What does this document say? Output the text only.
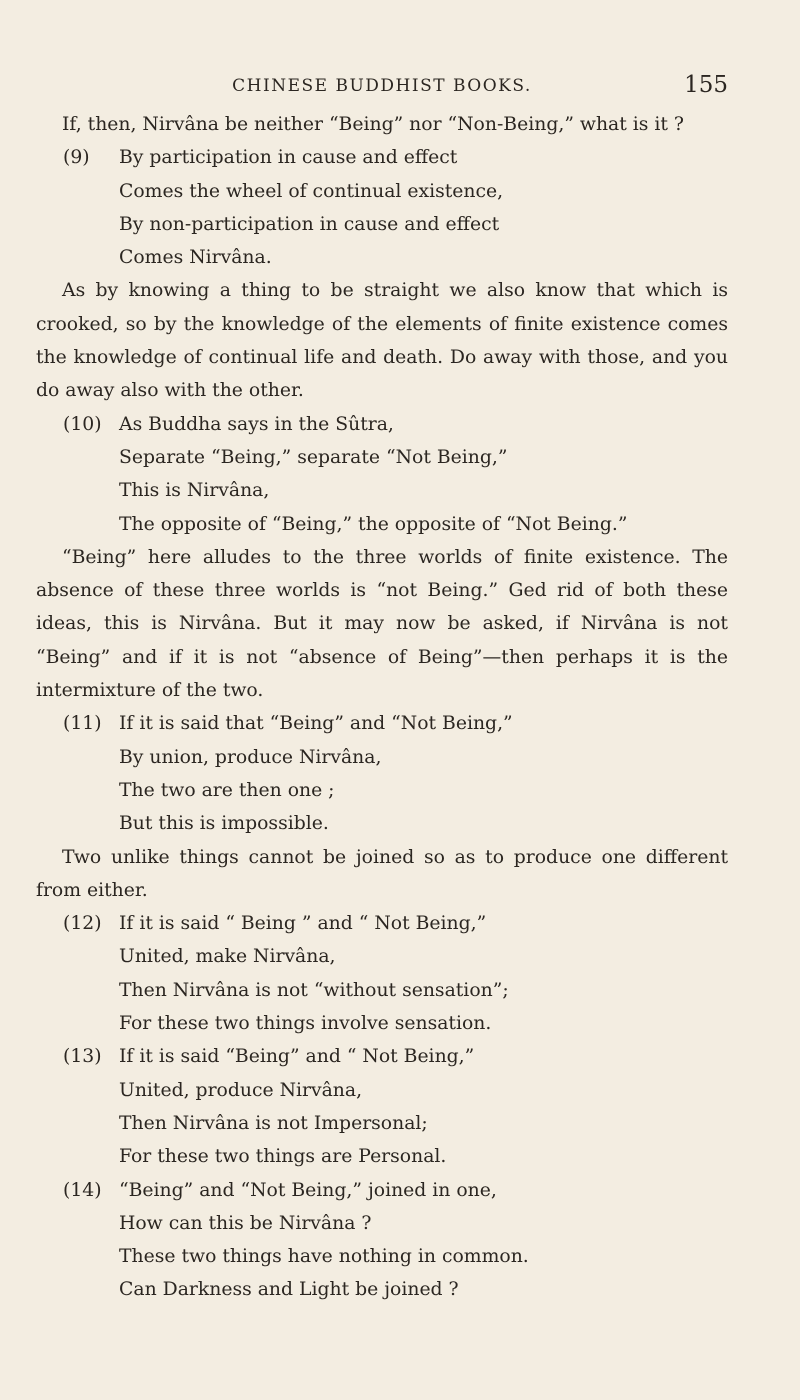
CHINESE BUDDHIST BOOKS.	155

If, then, Nirvâna be neither “Being” nor “Non-Being,” what is it ?

(9) By participation in cause and effect
Comes the wheel of continual existence,
By non-participation in cause and effect
Comes Nirvâna.

As by knowing a thing to be straight we also know that which is crooked, so by the knowledge of the elements of finite existence comes the knowledge of continual life and death. Do away with those, and you do away also with the other.

(10) As Buddha says in the Sûtra,
Separate “Being,” separate “Not Being,”
This is Nirvâna,
The opposite of “Being,” the opposite of “Not Being.”

“Being” here alludes to the three worlds of finite existence. The absence of these three worlds is “not Being.” Ged rid of both these ideas, this is Nirvâna. But it may now be asked, if Nirvâna is not “Being” and if it is not “absence of Being”—then perhaps it is the intermixture of the two.

(11) If it is said that “Being” and “Not Being,”
By union, produce Nirvâna,
The two are then one ;
But this is impossible.

Two unlike things cannot be joined so as to produce one different from either.

(12) If it is said “ Being ” and “ Not Being,”
United, make Nirvâna,
Then Nirvâna is not “without sensation”;
For these two things involve sensation.
(13) If it is said “Being” and “ Not Being,”
United, produce Nirvâna,
Then Nirvâna is not Impersonal;
For these two things are Personal.
(14) “Being” and “Not Being,” joined in one,
How can this be Nirvâna ?
These two things have nothing in common.
Can Darkness and Light be joined ?
